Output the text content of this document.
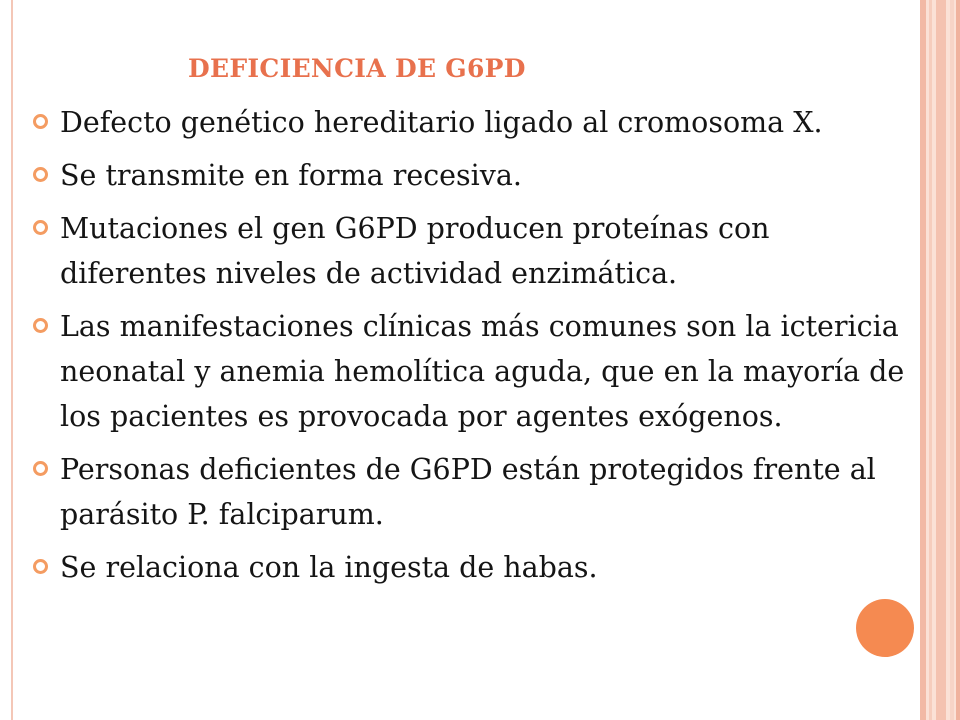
DEFICIENCIA DE G6PD
Defecto genético hereditario ligado al cromosoma X.
Se transmite en forma recesiva.
Mutaciones el gen G6PD producen proteínas con
diferentes niveles de actividad enzimática.
Las manifestaciones clínicas más comunes son la ictericia
neonatal y anemia hemolítica aguda, que en la mayoría de
los pacientes es provocada por agentes exógenos.
Personas deficientes de G6PD están protegidos frente al
parásito P. falciparum.
Se relaciona con la ingesta de habas.
